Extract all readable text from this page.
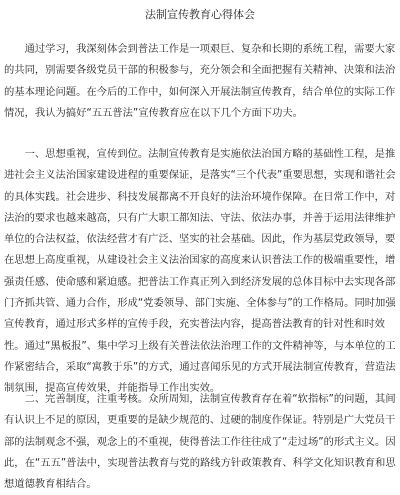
法制宣传教育心得体会

通过学习，我深刻体会到普法工作是一项艰巨、复杂和长期的系统工程，需要大家的共同，别需要各级党员干部的积极参与，充分领会和全面把握有关精神、决策和法治的基本理论问题。在今后的工作中，如何深入开展法制宣传教育，结合单位的实际工作情况，我认为搞好“五五普法”宣传教育应在以下几个方面下功夫。

一、思想重视，宣传到位。法制宣传教育是实施依法治国方略的基础性工程，是推进社会主义法治国家建设进程的重要保证，是落实“三个代表”重要思想，实现和谐社会的具体实践。社会进步、科技发展都离不开良好的法治环境作保障。在日常工作中，对法治的要求也越来越高，只有广大职工都知法、守法、依法办事，并善于运用法律维护单位的合法权益，依法经营才有广泛、坚实的社会基础。因此，作为基层党政领导，要在思想上高度重视，从建设社会主义法治国家的高度来认识普法工作的极端重要性，增强责任感、使命感和紧迫感。把普法工作真正列入到经济发展的总体目标中去实现各部门齐抓共管、通力合作，形成“党委领导、部门实施、全体参与”的工作格局。同时加强宣传教育，通过形式多样的宣传手段，充实普法内容，提高普法教育的针对性和时效性。通过“黑板报”、集中学习上级有关普法依法治理工作的文件精神等，与本单位的工作紧密结合，采取“寓教于乐”的方式，通过喜闻乐见的方式开展法制宣传教育，营造法制氛围，提高宣传效果，并能指导工作出实效。

二、完善制度，注重考核。众所周知，法制宣传教育存在着“软指标”的问题，其间有认识上不足的原因，更重要的是缺少规范的、过硬的制度作保证。特别是广大党员干部的法制观念不强，观念上的不重视，使得普法工作往往成了“走过场”的形式主义。因此，在“五五”普法中，实现普法教育与党的路线方针政策教育、科学文化知识教育和思想道德教育相结合。
